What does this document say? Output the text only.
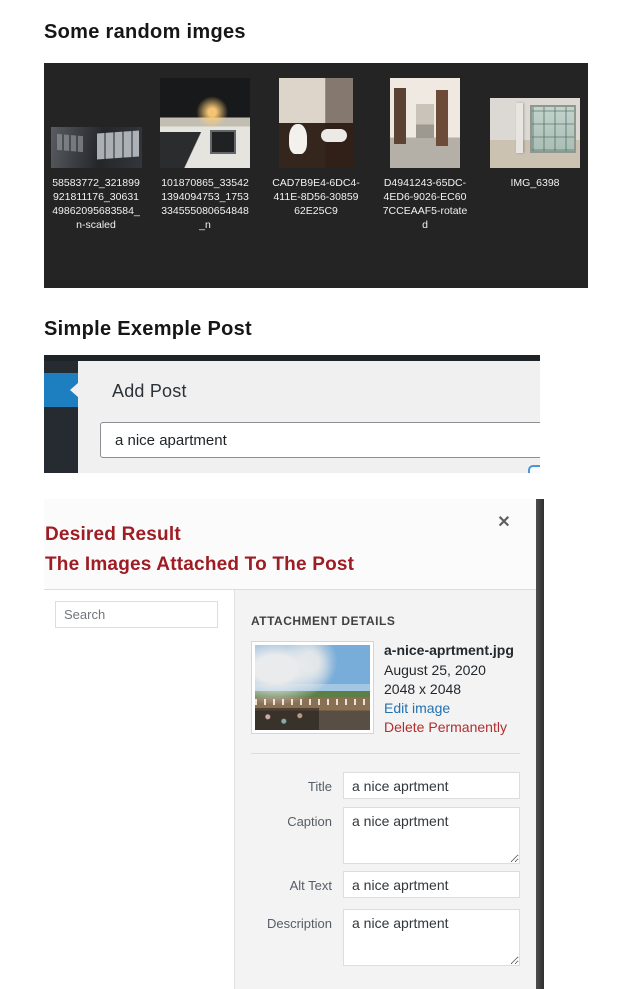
Some random imges
58583772_321899921811176_3063149862095683584_n-scaled
101870865_335421394094753_1753334555080654848_n
CAD7B9E4-6DC4-411E-8D56-3085962E25C9
D4941243-65DC-4ED6-9026-EC607CCEAAF5-rotated
IMG_6398
Simple Exemple Post
Add Post
a nice apartment
Desired Result
The Images Attached To The Post
✕
Search
ATTACHMENT DETAILS
a-nice-aprtment.jpg
August 25, 2020
2048 x 2048
Edit image
Delete Permanently
Title
a nice aprtment
Caption
a nice aprtment
Alt Text
a nice aprtment
Description
a nice aprtment
